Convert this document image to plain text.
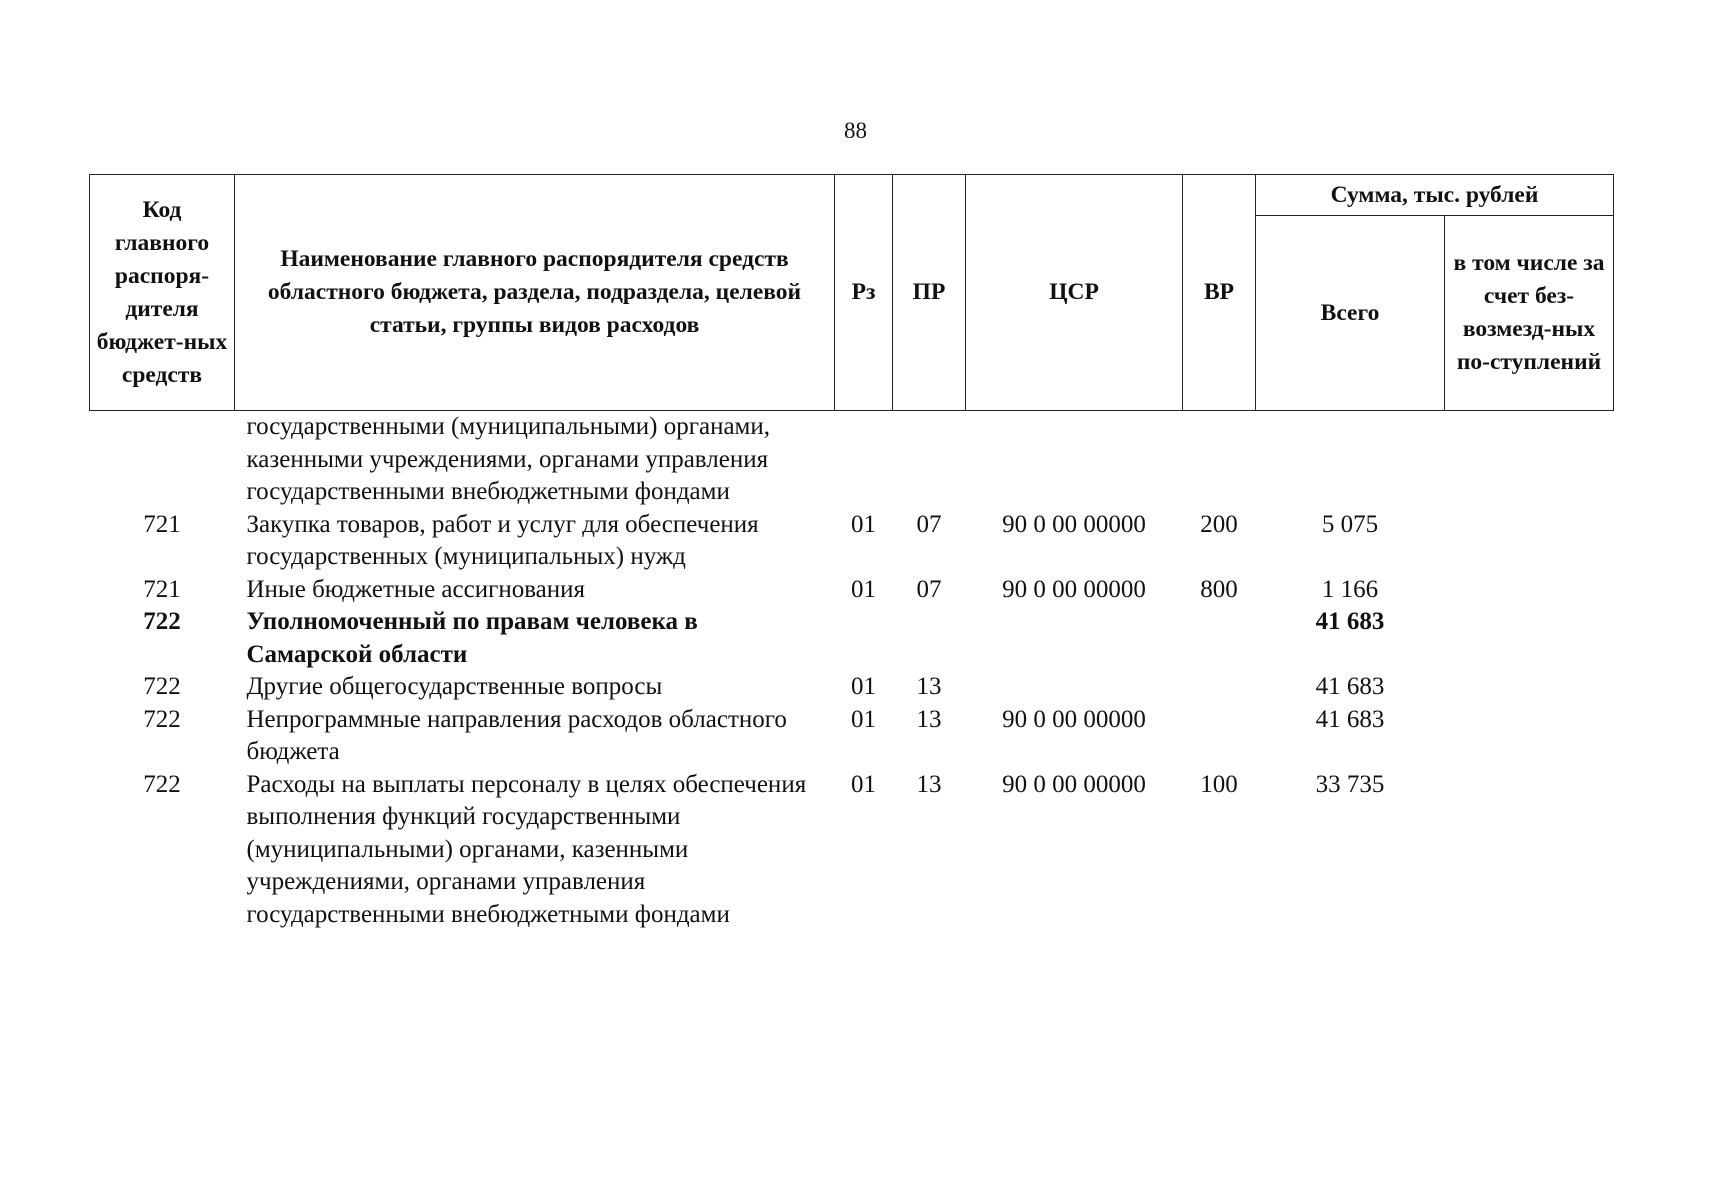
88
Код главного распоря-дителя бюджет-ных средств	Наименование главного распорядителя средств областного бюджета, раздела, подраздела, целевой статьи, группы видов расходов	Рз	ПР	ЦСР	ВР	Сумма, тыс. рублей	
						Всего	в том числе за счет без-возмезд-ных по-ступлений
	государственными (муниципальными) органами, казенными учреждениями, органами управления государственными внебюджетными фондами						
721	Закупка товаров, работ и услуг для обеспечения государственных (муниципальных) нужд	01	07	90 0 00 00000	200	5 075	
721	Иные бюджетные ассигнования	01	07	90 0 00 00000	800	1 166	
722	Уполномоченный по правам человека в Самарской области					41 683	
722	Другие общегосударственные вопросы	01	13			41 683	
722	Непрограммные направления расходов областного бюджета	01	13	90 0 00 00000		41 683	
722	Расходы на выплаты персоналу в целях обеспечения выполнения функций государственными (муниципальными) органами, казенными учреждениями, органами управления государственными внебюджетными фондами	01	13	90 0 00 00000	100	33 735	
